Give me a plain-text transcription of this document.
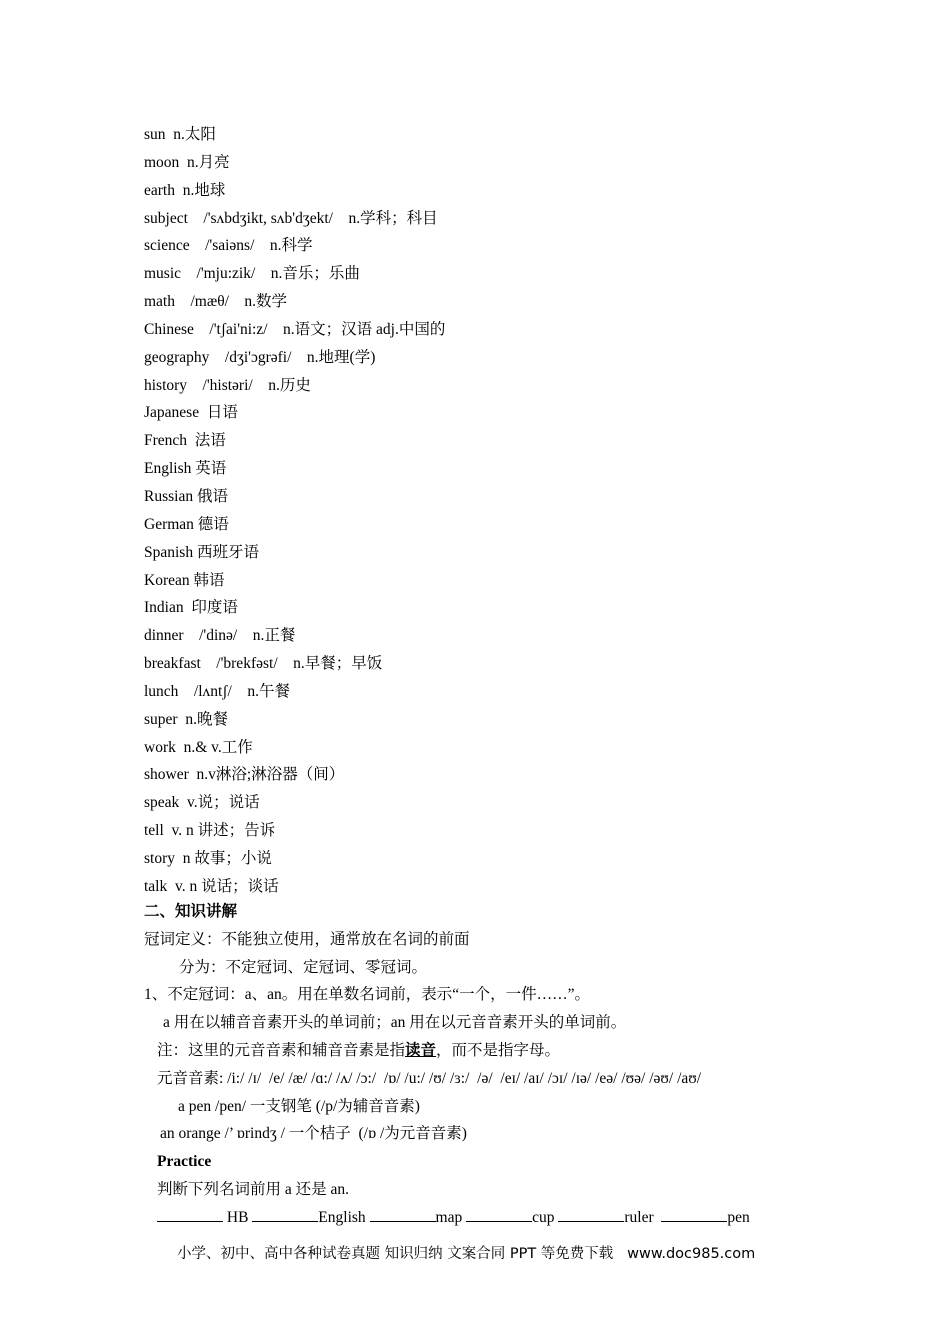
sun  n.太阳
moon  n.月亮
earth  n.地球
subject    /'sʌbdʒikt, sʌb'dʒekt/    n.学科；科目
science    /'saiəns/    n.科学
music    /'mju:zik/    n.音乐；乐曲
math    /mæθ/    n.数学
Chinese    /'tʃai'ni:z/    n.语文；汉语 adj.中国的
geography    /dʒi'ɔgrəfi/    n.地理(学)
history    /'histəri/    n.历史
Japanese  日语
French  法语
English 英语
Russian 俄语
German 德语
Spanish 西班牙语
Korean 韩语
Indian  印度语
dinner    /'dinə/    n.正餐
breakfast    /'brekfəst/    n.早餐；早饭
lunch    /lʌntʃ/    n.午餐
super  n.晚餐
work  n.& v.工作
shower  n.v淋浴;淋浴器（间）
speak  v.说；说话
tell  v. n 讲述；告诉
story  n 故事；小说
talk  v. n 说话；谈话
二、知识讲解
冠词定义：不能独立使用，通常放在名词的前面
分为：不定冠词、定冠词、零冠词。
1、不定冠词：a、an。用在单数名词前，表示“一个，一件……”。
a 用在以辅音音素开头的单词前；an 用在以元音音素开头的单词前。
注：这里的元音音素和辅音音素是指读音，而不是指字母。
元音音素: /i:/ /ɪ/  /e/ /æ/ /ɑ:/ /ʌ/ /ɔ:/  /ɒ/ /u:/ /ʊ/ /ɜ:/  /ə/  /eɪ/ /aɪ/ /ɔɪ/ /ɪə/ /eə/ /ʊə/ /əʊ/ /aʊ/
a pen /pen/ 一支钢笔 (/p/为辅音音素)
an orange /’ ɒrindʒ / 一个桔子  (/ɒ /为元音音素)
Practice
判断下列名词前用 a 还是 an.
HB	English	map	cup	ruler	pen
小学、初中、高中各种试卷真题 知识归纳 文案合同 PPT 等免费下载   www.doc985.com
